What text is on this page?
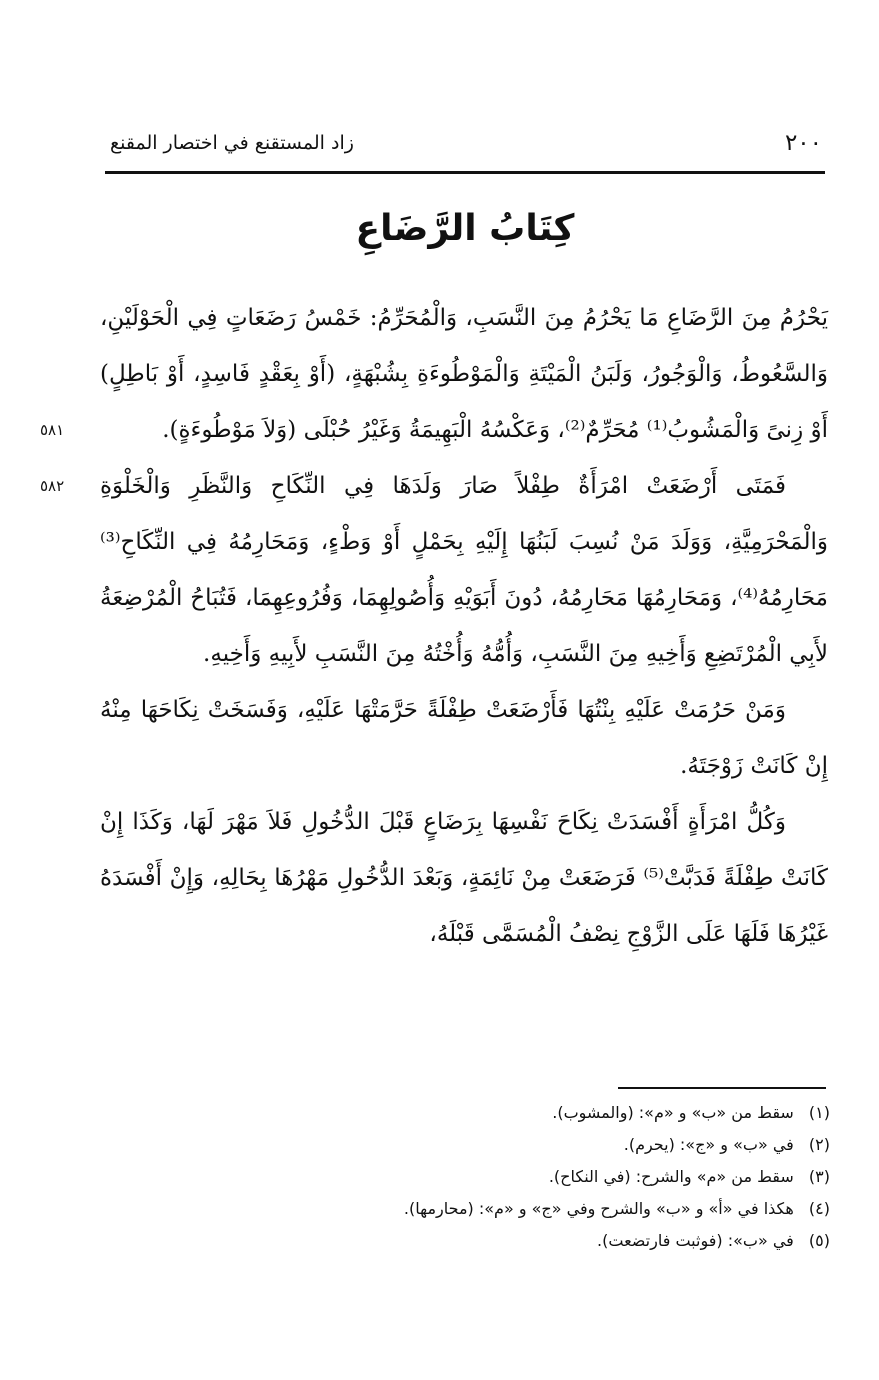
٢٠٠
زاد المستقنع في اختصار المقنع
كِتَابُ الرَّضَاعِ

يَحْرُمُ مِنَ الرَّضَاعِ مَا يَحْرُمُ مِنَ النَّسَبِ، وَالْمُحَرِّمُ: خَمْسُ رَضَعَاتٍ فِي الْحَوْلَيْنِ، وَالسَّعُوطُ، وَالْوَجُورُ، وَلَبَنُ الْمَيْتَةِ وَالْمَوْطُوءَةِ بِشُبْهَةٍ، (أَوْ بِعَقْدٍ فَاسِدٍ، أَوْ بَاطِلٍ) أَوْ زِنىً وَالْمَشُوبُ⁽¹⁾ مُحَرِّمٌ⁽²⁾، وَعَكْسُهُ الْبَهِيمَةُ وَغَيْرُ حُبْلَى (وَلاَ مَوْطُوءَةٍ).

فَمَتَى أَرْضَعَتْ امْرَأَةٌ طِفْلاً صَارَ وَلَدَهَا فِي النِّكَاحِ وَالنَّظَرِ وَالْخَلْوَةِ وَالْمَحْرَمِيَّةِ، وَوَلَدَ مَنْ نُسِبَ لَبَنُهَا إِلَيْهِ بِحَمْلٍ أَوْ وَطْءٍ، وَمَحَارِمُهُ فِي النِّكَاحِ⁽³⁾ مَحَارِمُهُ⁽⁴⁾، وَمَحَارِمُهَا مَحَارِمُهُ، دُونَ أَبَوَيْهِ وَأُصُولِهِمَا، وَفُرُوعِهِمَا، فَتُبَاحُ الْمُرْضِعَةُ لأَبِي الْمُرْتَضِعِ وَأَخِيهِ مِنَ النَّسَبِ، وَأُمُّهُ وَأُخْتُهُ مِنَ النَّسَبِ لأَبِيهِ وَأَخِيهِ.

وَمَنْ حَرُمَتْ عَلَيْهِ بِنْتُهَا فَأَرْضَعَتْ طِفْلَةً حَرَّمَتْهَا عَلَيْهِ، وَفَسَخَتْ نِكَاحَهَا مِنْهُ إِنْ كَانَتْ زَوْجَتَهُ.

وَكُلُّ امْرَأَةٍ أَفْسَدَتْ نِكَاحَ نَفْسِهَا بِرَضَاعٍ قَبْلَ الدُّخُولِ فَلاَ مَهْرَ لَهَا، وَكَذَا إِنْ كَانَتْ طِفْلَةً فَدَبَّتْ⁽⁵⁾ فَرَضَعَتْ مِنْ نَائِمَةٍ، وَبَعْدَ الدُّخُولِ مَهْرُهَا بِحَالِهِ، وَإِنْ أَفْسَدَهُ غَيْرُهَا فَلَهَا عَلَى الزَّوْجِ نِصْفُ الْمُسَمَّى قَبْلَهُ،

٥٨١
٥٨٢
(١) سقط من «ب» و «م»: (والمشوب).
(٢) في «ب» و «ج»: (يحرم).
(٣) سقط من «م» والشرح: (في النكاح).
(٤) هكذا في «أ» و «ب» والشرح وفي «ج» و «م»: (محارمها).
(٥) في «ب»: (فوثبت فارتضعت).
